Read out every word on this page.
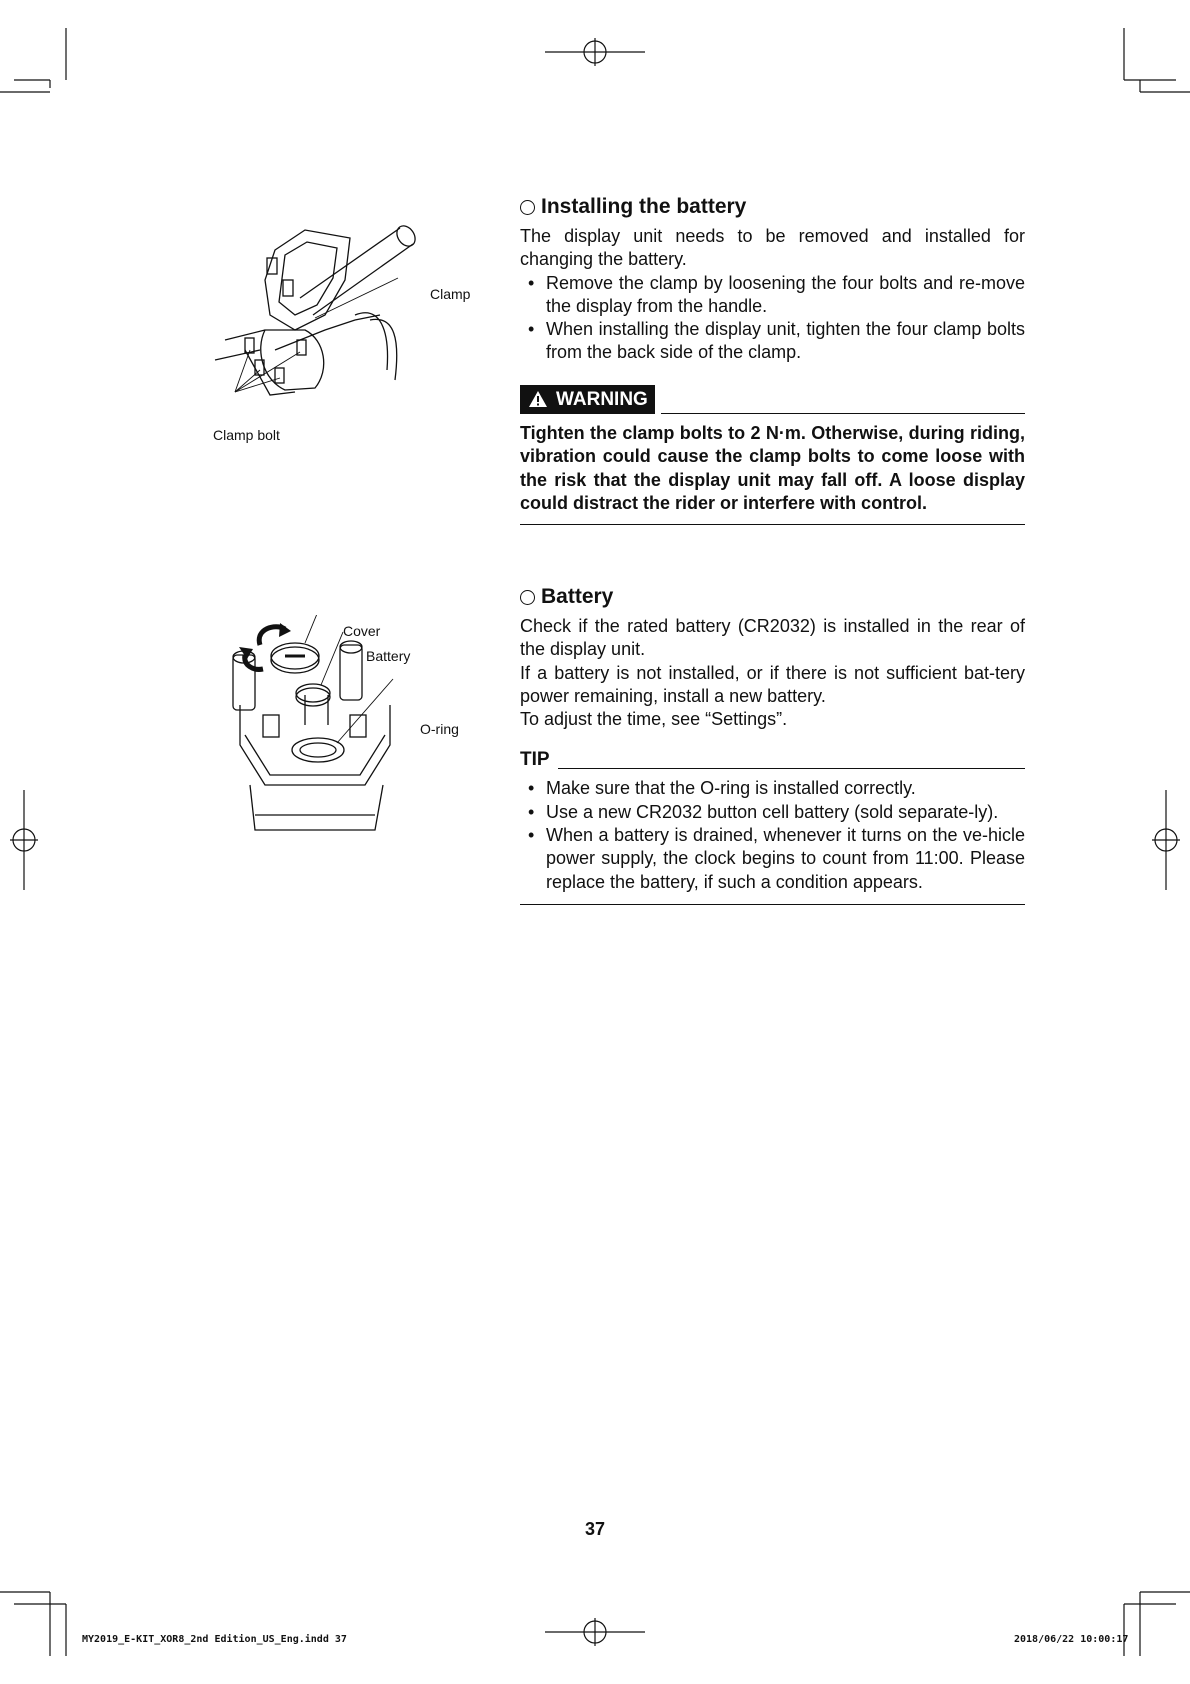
Clamp
Clamp bolt
Cover
Battery
O-ring
Installing the battery

The display unit needs to be removed and installed for changing the battery.

• Remove the clamp by loosening the four bolts and re-move the display from the handle.
• When installing the display unit, tighten the four clamp bolts from the back side of the clamp.
WARNING

Tighten the clamp bolts to 2 N·m. Otherwise, during riding, vibration could cause the clamp bolts to come loose with the risk that the display unit may fall off. A loose display could distract the rider or interfere with control.

Battery

Check if the rated battery (CR2032) is installed in the rear of the display unit.

If a battery is not installed, or if there is not sufficient bat-tery power remaining, install a new battery.

To adjust the time, see “Settings”.

TIP
• Make sure that the O-ring is installed correctly.
• Use a new CR2032 button cell battery (sold separate-ly).
• When a battery is drained, whenever it turns on the ve-hicle power supply, the clock begins to count from 11:00. Please replace the battery, if such a condition appears.
37
MY2019_E-KIT_XOR8_2nd Edition_US_Eng.indd 37	2018/06/22 10:00:17
